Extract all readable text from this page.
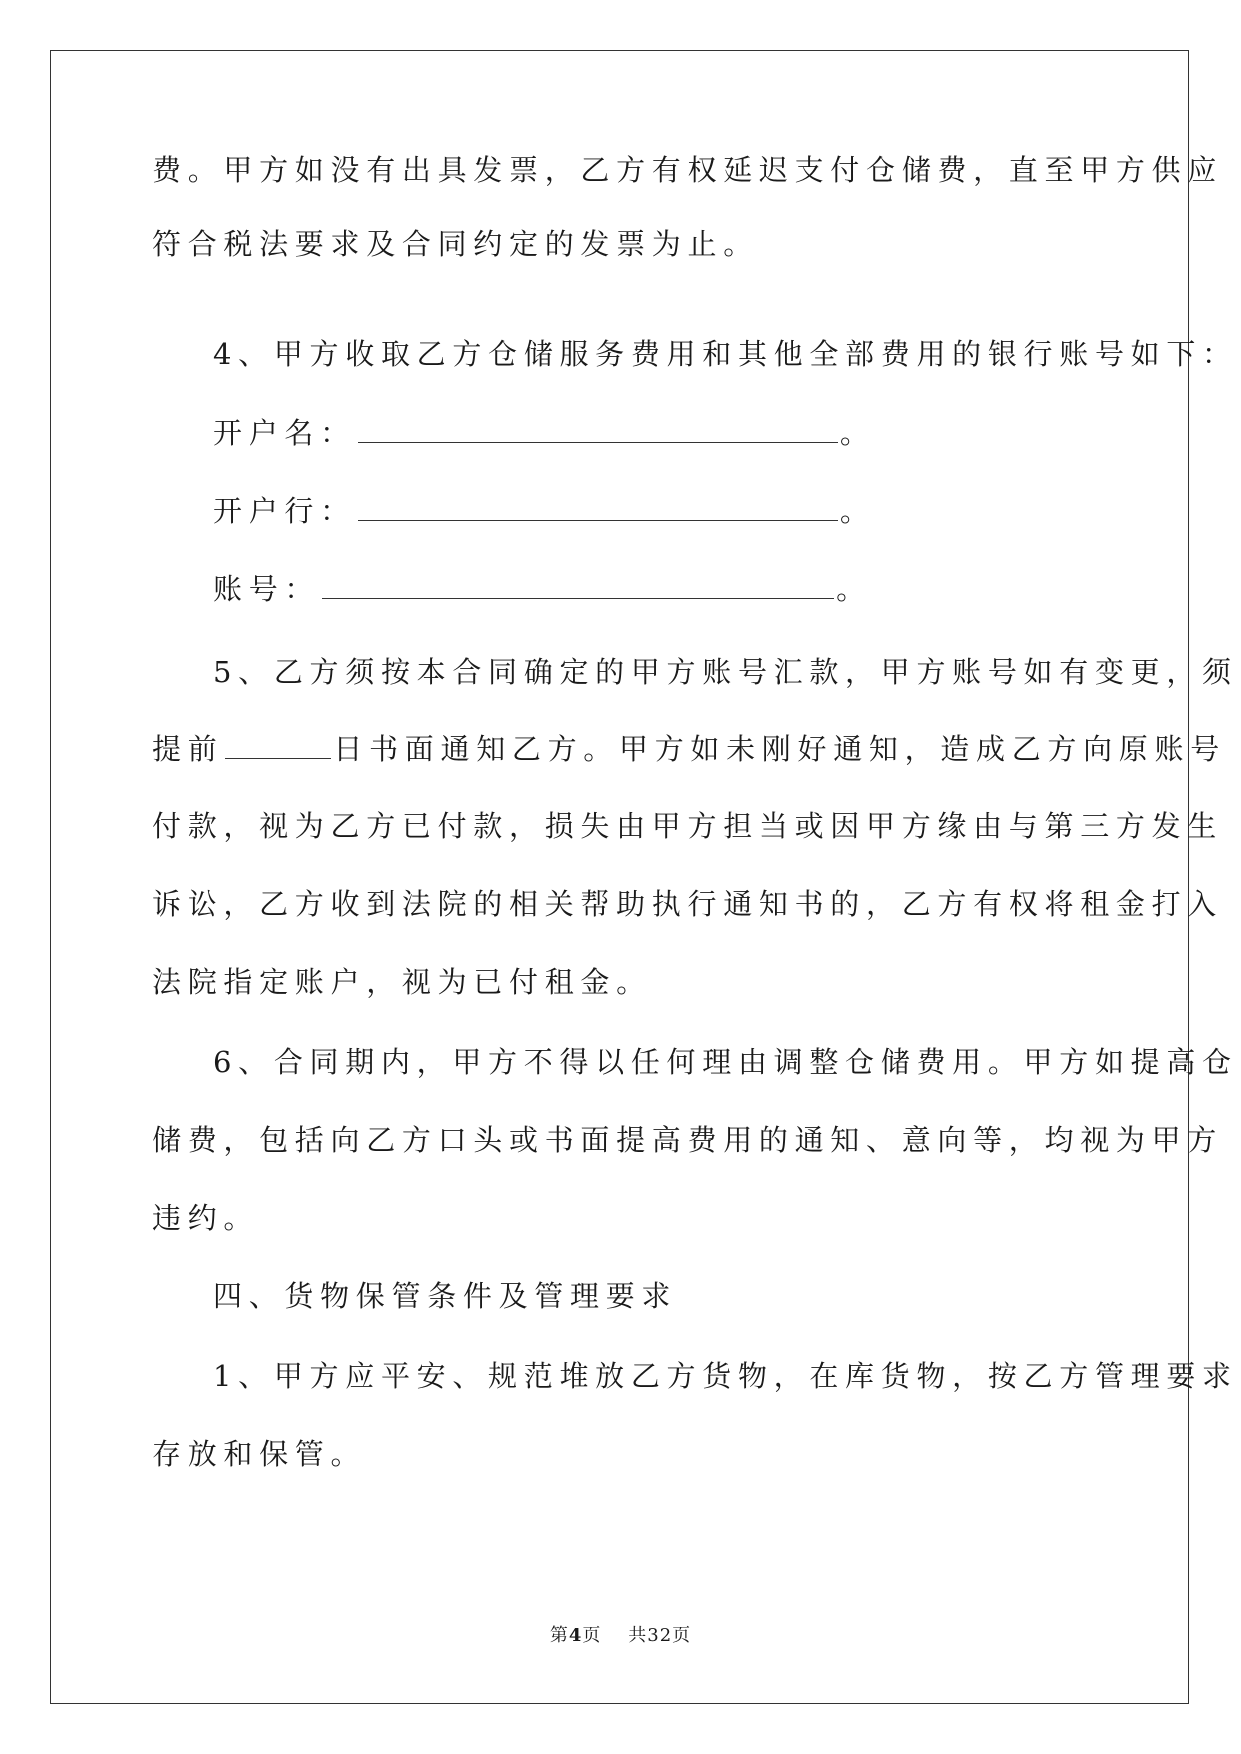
费。甲方如没有出具发票，乙方有权延迟支付仓储费，直至甲方供应
符合税法要求及合同约定的发票为止。
4、甲方收取乙方仓储服务费用和其他全部费用的银行账号如下：
开户名：	。
开户行：	。
账号：	。
5、乙方须按本合同确定的甲方账号汇款，甲方账号如有变更，须
提前	日书面通知乙方。甲方如未刚好通知，造成乙方向原账号
付款，视为乙方已付款，损失由甲方担当或因甲方缘由与第三方发生
诉讼，乙方收到法院的相关帮助执行通知书的，乙方有权将租金打入
法院指定账户，视为已付租金。
6、合同期内，甲方不得以任何理由调整仓储费用。甲方如提高仓
储费，包括向乙方口头或书面提高费用的通知、意向等，均视为甲方
违约。
四、货物保管条件及管理要求
1、甲方应平安、规范堆放乙方货物，在库货物，按乙方管理要求
存放和保管。
第4页 共32页
